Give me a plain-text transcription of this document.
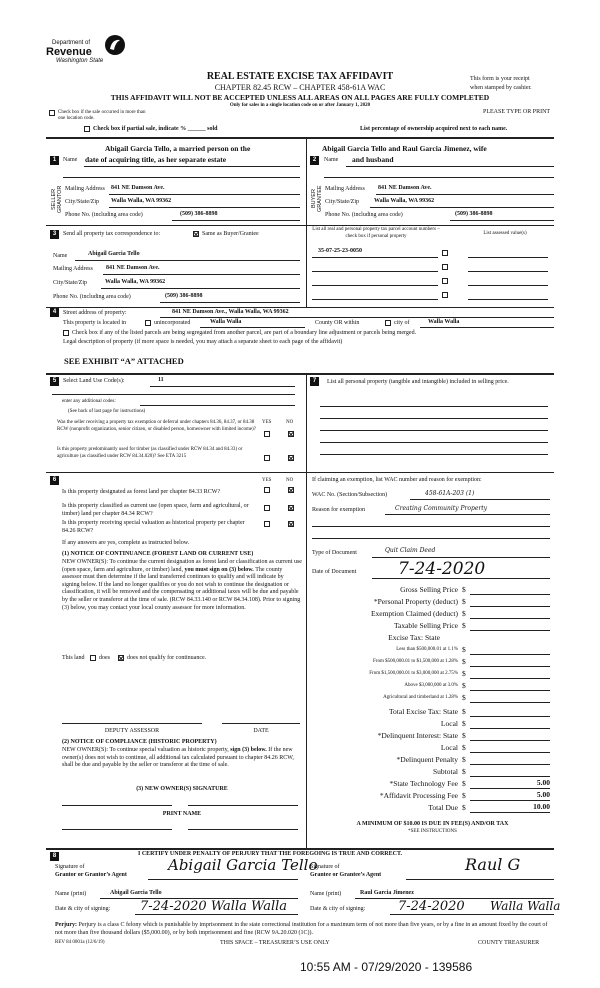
Department of
Revenue
Washington State
REAL ESTATE EXCISE TAX AFFIDAVIT
CHAPTER 82.45 RCW – CHAPTER 458-61A WAC
THIS AFFIDAVIT WILL NOT BE ACCEPTED UNLESS ALL AREAS ON ALL PAGES ARE FULLY COMPLETED
Only for sales in a single location code on or after January 1, 2020
This form is your receipt
when stamped by cashier.
PLEASE TYPE OR PRINT
Check box if the sale occurred in more than one location code.
Check box if partial sale, indicate % ______ sold	List percentage of ownership acquired next to each name.
1
SELLER GRANTOR
Name
Abigail Garcia Tello, a married person on the
date of acquiring title, as her separate estate
Mailing Address 841 NE Damson Ave.
City/State/Zip Walla Walla, WA 99362
Phone No. (including area code)	(509) 386-8898
2
BUYER GRANTEE
Name
Abigail Garcia Tello and Raul Garcia Jimenez, wife
and husband
Mailing Address 841 NE Damson Ave.
City/State/Zip	Walla Walla, WA 99362
Phone No. (including area code)	(509) 386-8898
3	Send all property tax correspondence to:	Same as Buyer/Grantee
Name	Abigail Garcia Tello
Mailing Address 841 NE Damson Ave.
City/State/Zip	Walla Walla, WA 99362
Phone No. (including area code)	(509) 386-8898
List all real and personal property tax parcel account numbers – check box if personal property	List assessed value(s)
35-07-25-23-0050
4	Street address of property:	841 NE Damson Ave., Walla Walla, WA 99362
This property is located in	unincorporated	Walla Walla	County OR within	city of	Walla Walla
Check box if any of the listed parcels are being segregated from another parcel, are part of a boundary line adjustment or parcels being merged.
Legal description of property (if more space is needed, you may attach a separate sheet to each page of the affidavit)
SEE EXHIBIT “A” ATTACHED
5	Select Land Use Code(s):	11
enter any additional codes:
(See back of last page for instructions)
YES	NO
Was the seller receiving a property tax exemption or deferral under chapters 84.36, 84.37, or 84.38 RCW (nonprofit organization, senior citizen, or disabled person, homeowner with limited income)?
Is this property predominantly used for timber (as classified under RCW 84.34 and 84.33) or agriculture (as classified under RCW 84.34.020)? See ETA 3215
7	List all personal property (tangible and intangible) included in selling price.
6	YES	NO
Is this property designated as forest land per chapter 84.33 RCW?
Is this property classified as current use (open space, farm and agricultural, or timber) land per chapter 84.34 RCW?
Is this property receiving special valuation as historical property per chapter 84.26 RCW?
If any answers are yes, complete as instructed below.
(1) NOTICE OF CONTINUANCE (FOREST LAND OR CURRENT USE)
NEW OWNER(S): To continue the current designation as forest land or classification as current use (open space, farm and agriculture, or timber) land, you must sign on (3) below. The county assessor must then determine if the land transferred continues to qualify and will indicate by signing below. If the land no longer qualifies or you do not wish to continue the designation or classification, it will be removed and the compensating or additional taxes will be due and payable by the seller or transferor at the time of sale. (RCW 84.33.140 or RCW 84.34.108). Prior to signing (3) below, you may contact your local county assessor for more information.
This land does	does not qualify for continuance.
DEPUTY ASSESSOR	DATE
(2) NOTICE OF COMPLIANCE (HISTORIC PROPERTY)
NEW OWNER(S): To continue special valuation as historic property, sign (3) below. If the new owner(s) does not wish to continue, all additional tax calculated pursuant to chapter 84.26 RCW, shall be due and payable by the seller or transferor at the time of sale.
(3) NEW OWNER(S) SIGNATURE
PRINT NAME
If claiming an exemption, list WAC number and reason for exemption:
WAC No. (Section/Subsection)	458-61A-203 (1)
Reason for exemption	Creating Community Property
Type of Document	Quit Claim Deed
Date of Document 7-24-2020
Gross Selling Price $
*Personal Property (deduct) $
Exemption Claimed (deduct) $
Taxable Selling Price $
Excise Tax: State
Less than $500,000.01 at 1.1% $
From $500,000.01 to $1,500,000 at 1.28% $
From $1,500,000.01 to $3,000,000 at 2.75% $
Above $3,000,000 at 3.0% $
Agricultural and timberland at 1.28% $
Total Excise Tax: State $
Local $
*Delinquent Interest: State $
Local $
*Delinquent Penalty $
Subtotal $
*State Technology Fee $	5.00
*Affidavit Processing Fee $	5.00
Total Due $	10.00
A MINIMUM OF $10.00 IS DUE IN FEE(S) AND/OR TAX
*SEE INSTRUCTIONS
8	I CERTIFY UNDER PENALTY OF PERJURY THAT THE FOREGOING IS TRUE AND CORRECT.
Signature of
Grantor or Grantor’s Agent
Abigail Garcia Tello
Signature of
Grantee or Grantee’s Agent
Raul G
Name (print)	Abigail Garcia Tello	Name (print)	Raul Garcia Jimenez
Date & city of signing: 7-24-2020 Walla Walla	Date & city of signing:	7-24-2020 Walla Walla
Perjury: Perjury is a class C felony which is punishable by imprisonment in the state correctional institution for a maximum term of not more than five years, or by a fine in an amount fixed by the court of not more than five thousand dollars ($5,000.00), or by both imprisonment and fine (RCW 9A.20.020 (1C)).
REV 84 0001a (12/6/19)	THIS SPACE – TREASURER’S USE ONLY	COUNTY TREASURER
10:55 AM - 07/29/2020 - 139586
